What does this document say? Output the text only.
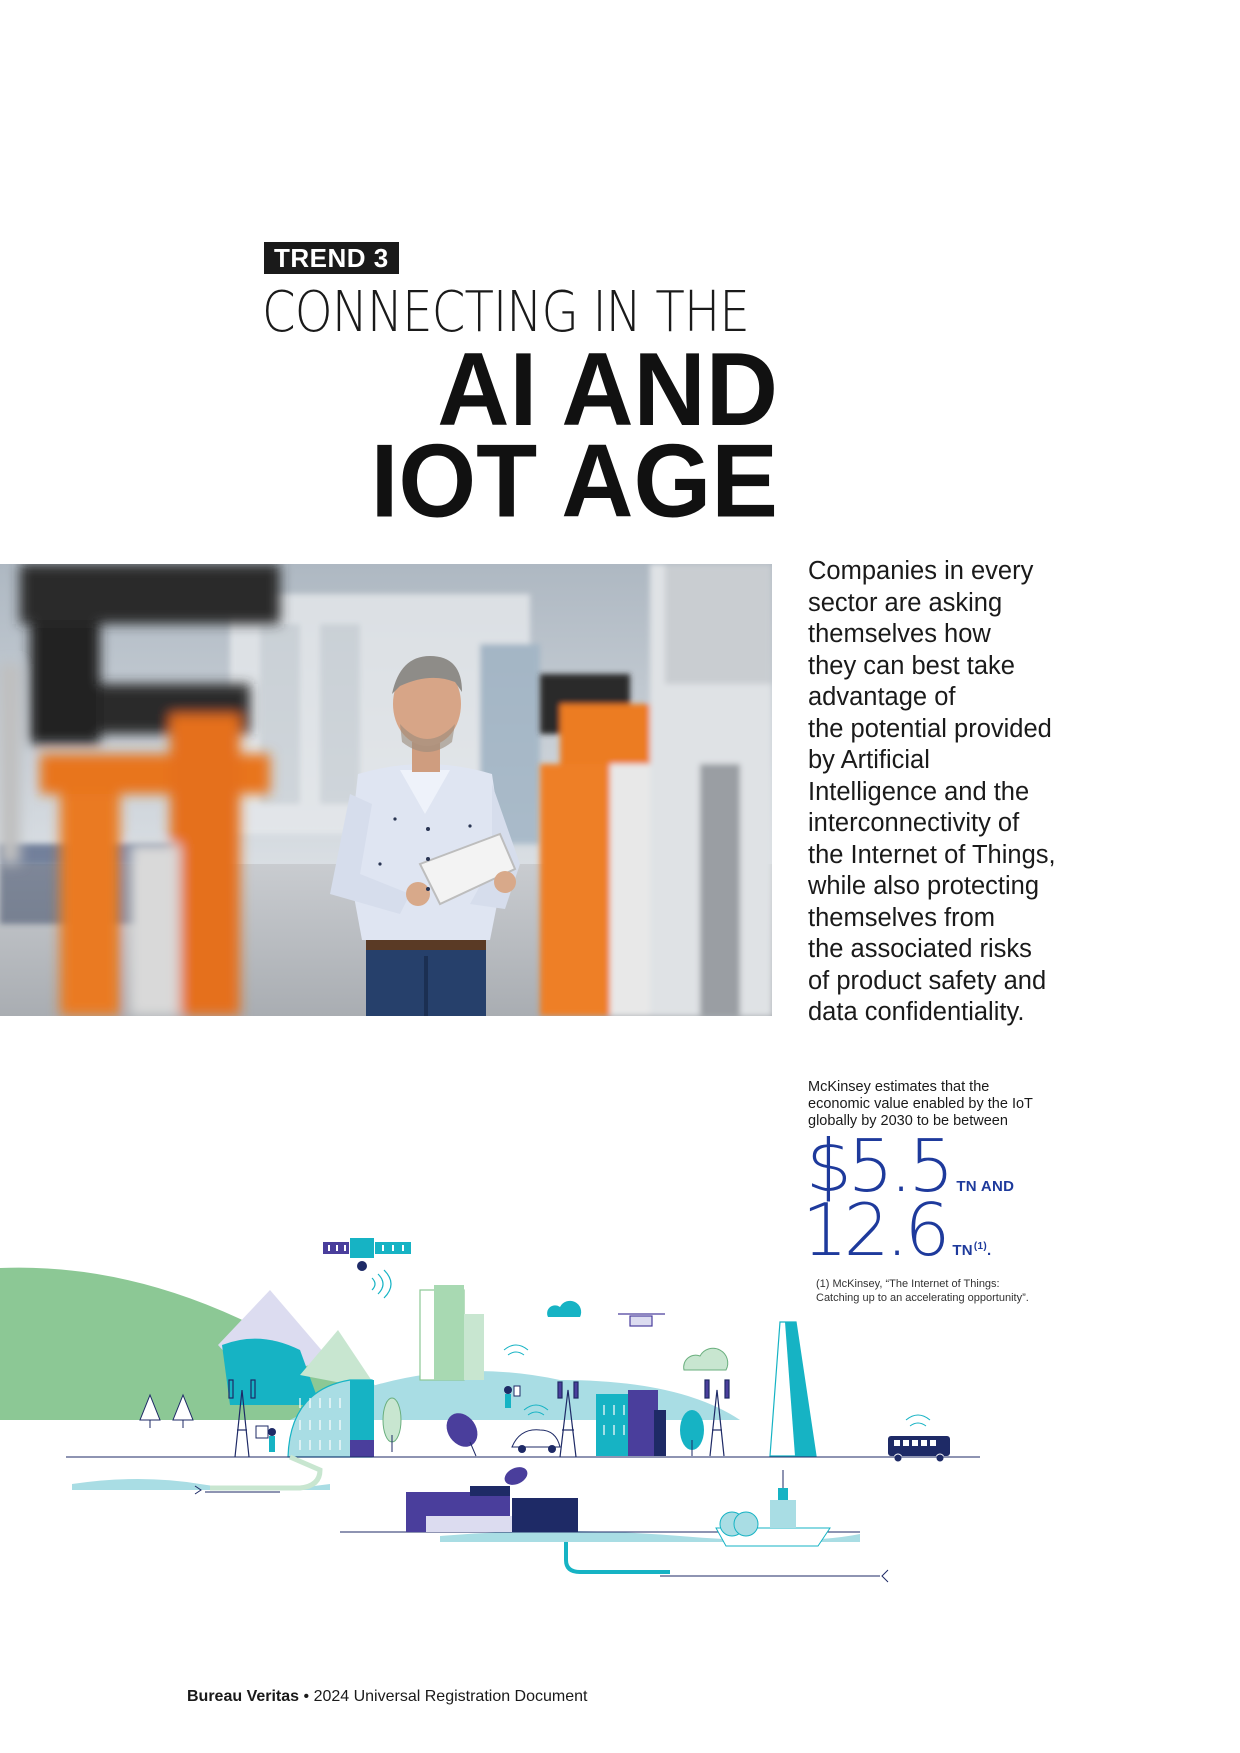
TREND 3
CONNECTING IN THE
AI AND
IOT AGE
Companies in every
sector are asking
themselves how
they can best take
advantage of
the potential provided
by Artificial
Intelligence and the
interconnectivity of
the Internet of Things,
while also protecting
themselves from
the associated risks
of product safety and
data confidentiality.
McKinsey estimates that the
economic value enabled by the IoT
globally by 2030 to be between
$5.5 TN AND
12.6 TN$^{(1)}$.
(1) McKinsey, “The Internet of Things:
Catching up to an accelerating opportunity”.
Bureau Veritas • 2024 Universal Registration Document
